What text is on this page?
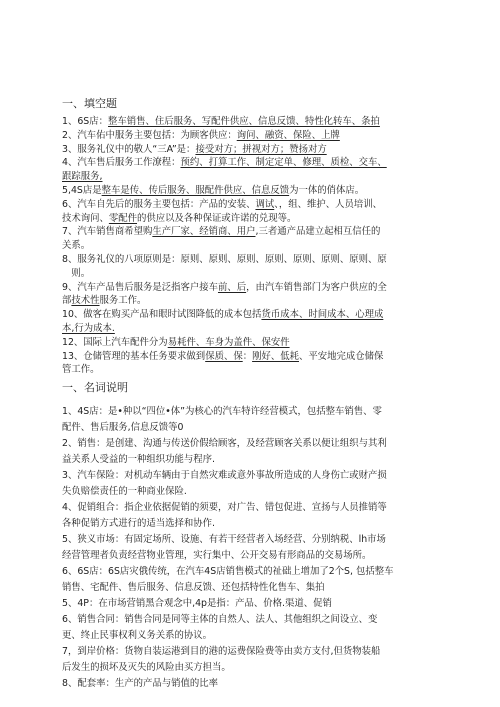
一、填空题
1、6S店：整车销售、住后服务、写配件供应、信息反馈、特性化转车、条拍
2、汽车佑中服务主要包括：为顾客供应：询问、融资、保险、上牌
3、服务礼仪中的敬人“三A”是：接受对方；拼视对方；赞扬对方
4、汽车售后服务工作潦程：预约、打算工作、制定定单、修理、质检、交车、
跟踪服务,
5,4S店是整车是传、传后服务、服配件供应、信息反馈为一体的俏体店。
6、汽车自先后的服务主要包括：产品的安装、调试、，组、维护、人员培训、
技术询问、零配件的供应以及各种保证或许诺的兑现等。
7、汽车销售商希望购生产厂家、经销商、用户,三者通产品建立起相互信任的
关系。
8、服务礼仪的八项原则是：原则、原则、原则、原则、原则、原则、原则、原
　则。
9、汽车产品售后服务是泛指客户接车前、后，由汽车销售部门为客户供应的全
部技术性服务工作。
10、做客在购买产品和眼时试图降低的成本包括货币成本、时间成本、心理成
本,行为成本.
12、国际上汽车配件分为易耗件、车身为盖件、保安件
13、仓储管理的基本任务要求做到保质、保：刚好、低耗、平安地完成仓储保
管工作。
一、名词说明
1、4S店：是•种以“四位•体”为核心的汽车特许经营模式，包括整车销售、零
配件、售后服务,信息反馈等0
2、销售：是创建、沟通与传送价假给顾客，及经营顾客关系以便让组织与其利
益关系人受益的一种组织功能与程序.
3、汽车保险：对机动车辆由于自然灾难或意外事故所造成的人身伤亡或财产损
失负赔偿责任的一种商业保险.
4、促销组合：指企业依据促销的须要，对广告、错包促进、宣扬与人员推销等
各种促销方式进行的适当选择和协作.
5、狭义市场：有固定场所、设施、有若干经营者入场经营、分别纳税、lh市场
经营管理者负责经营物业管理，实行集中、公开交易有形商品的交易场所。
6、6S店：6S店灾俄传统，在汽车4S店销售模式的祉础上增加了2个S, 包括整车
销售、宅配件、售后服务、信息反馈、还包括特性化售车、集拍
5、4P：在市场营销黑合观念中,4p是指：产品、价格.渠道、促销
6、销售合同：销售合同是同等主体的自然人、法人、其他组织之间设立、变
更、终止民事权利义务关系的协议。
7，到岸价格：货物自装运港到目的港的运费保险费等由卖方支付,但货物装船
后发生的损坏及灭失的风险由买方担当。
8、配套率：生产的产品与销值的比率
